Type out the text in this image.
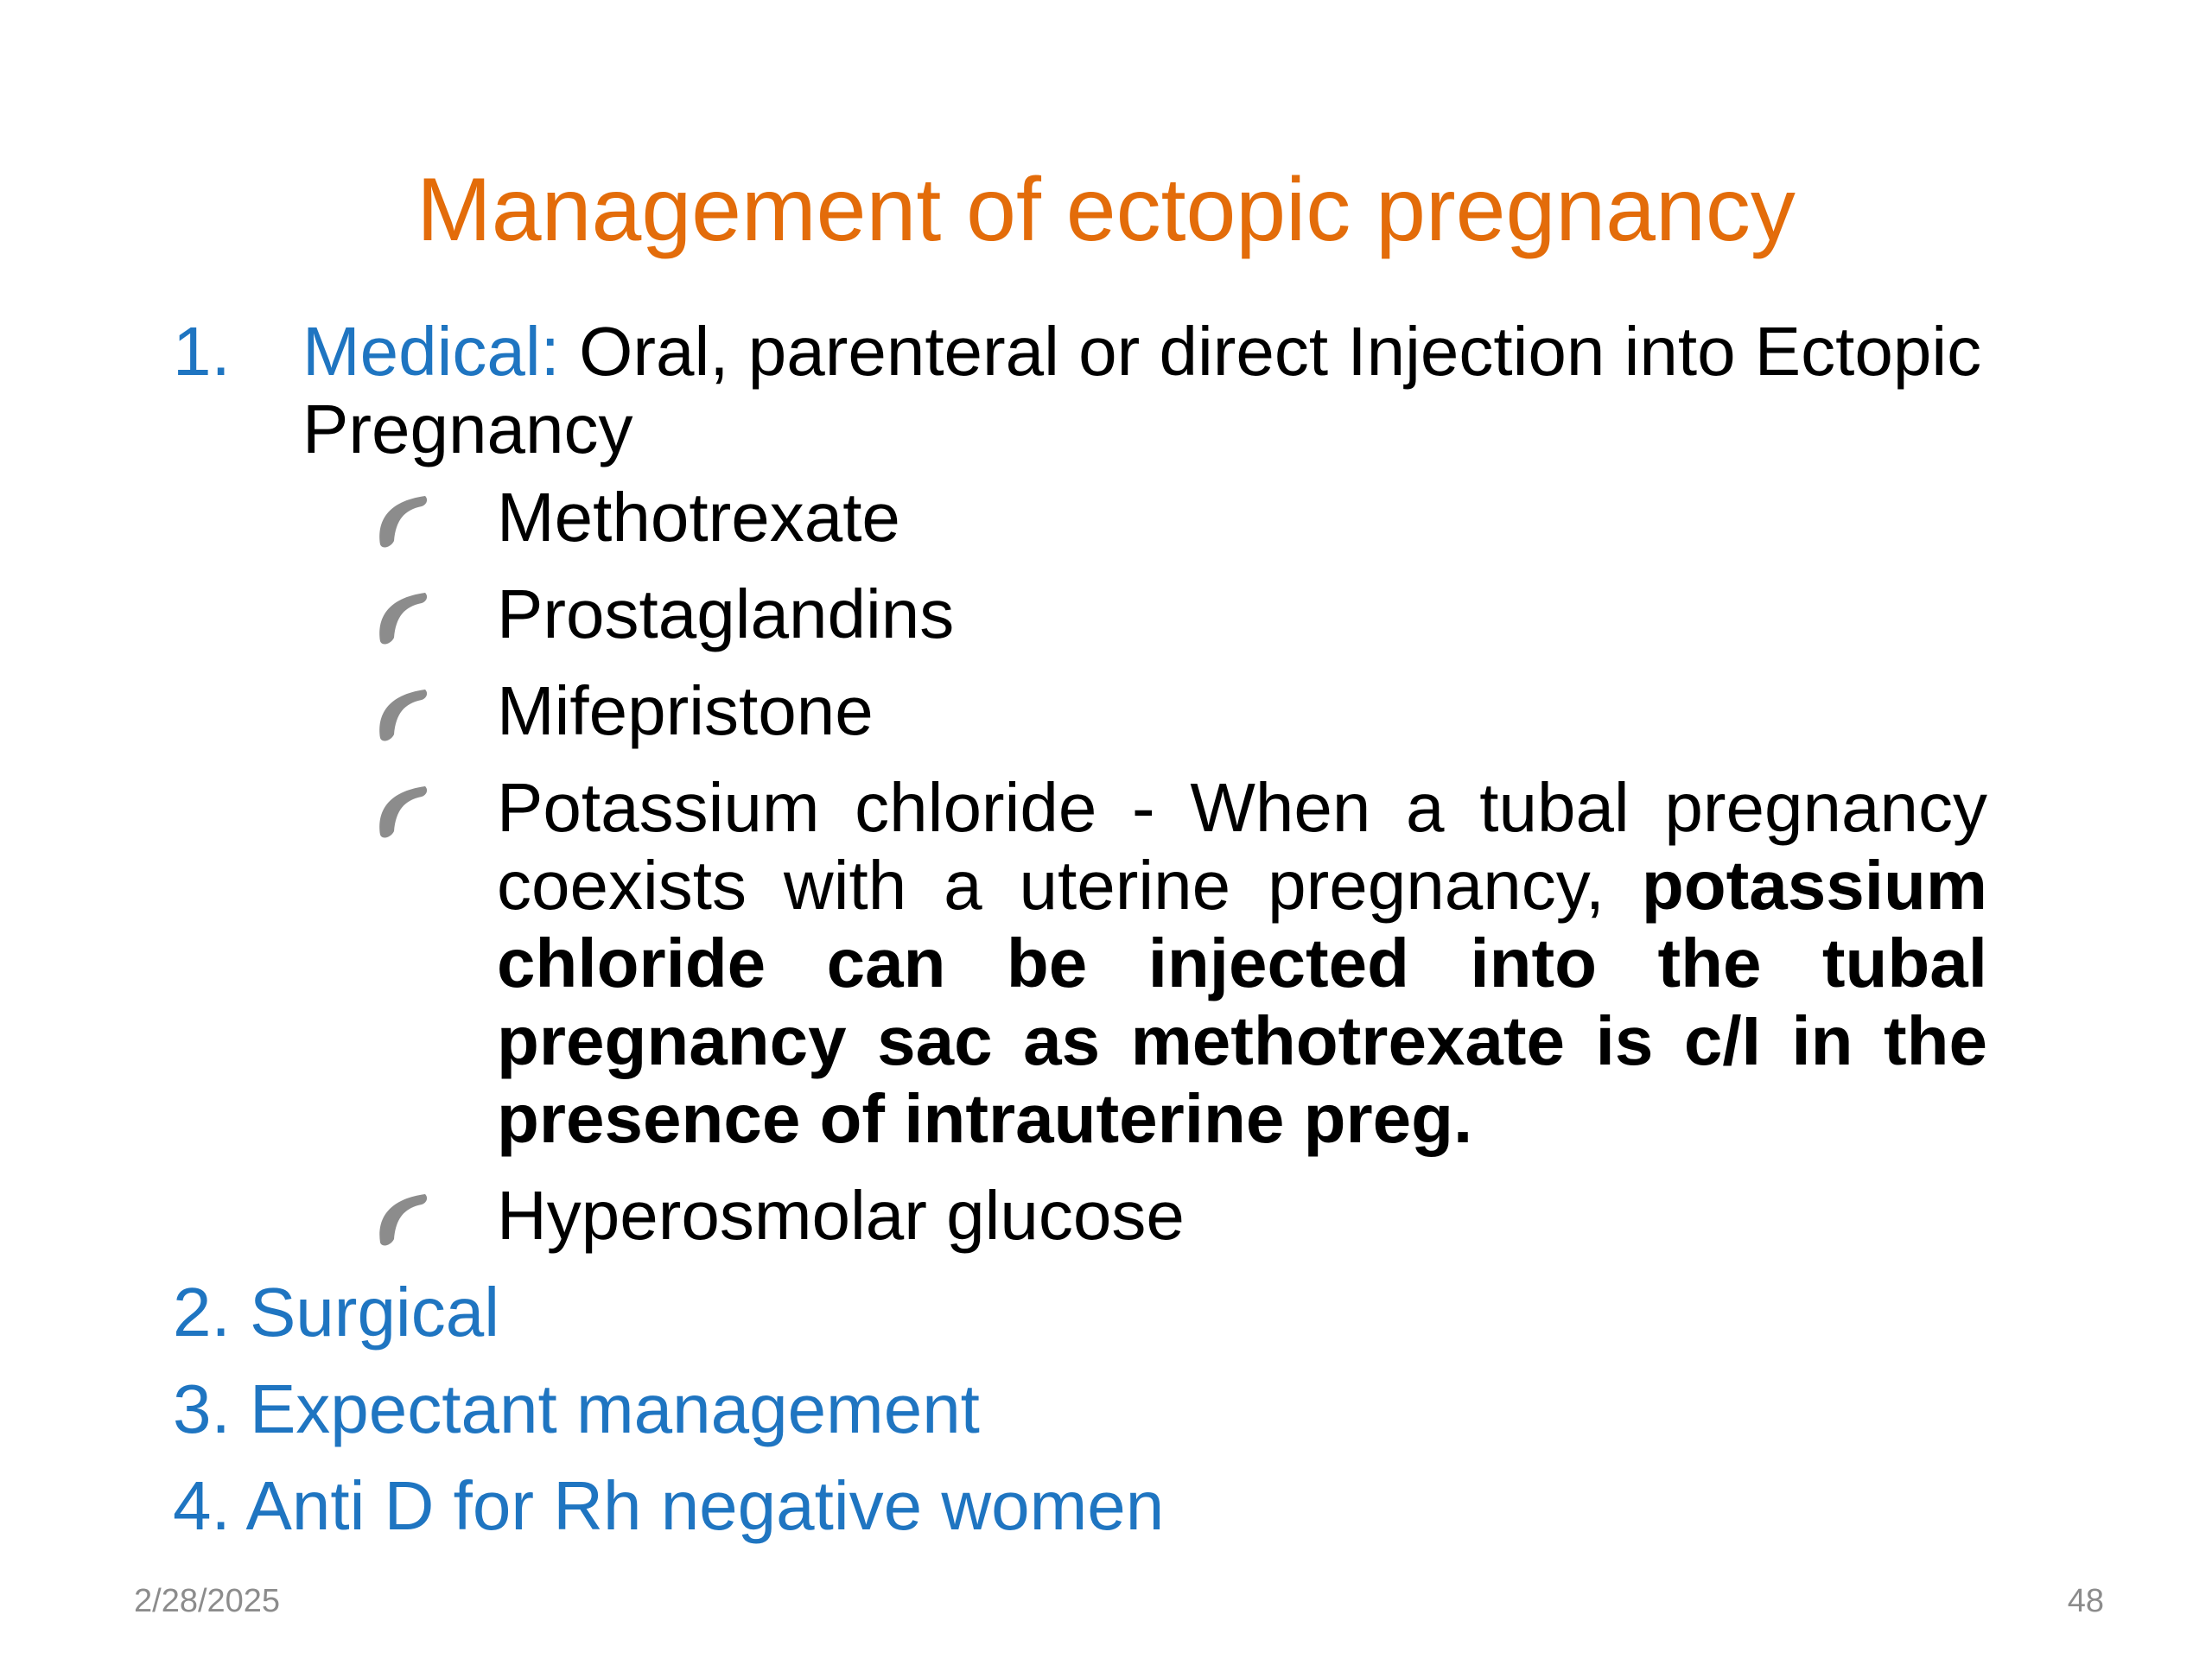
Management of ectopic pregnancy
1. Medical: Oral, parenteral or direct Injection into Ectopic Pregnancy
Methotrexate
Prostaglandins
Mifepristone
Potassium chloride - When a tubal pregnancy coexists with a uterine pregnancy, potassium chloride can be injected into the tubal pregnancy sac as methotrexate is c/I in the presence of intrauterine preg.
Hyperosmolar glucose
2. Surgical
3. Expectant management
4. Anti D for Rh negative women
2/28/2025	48
